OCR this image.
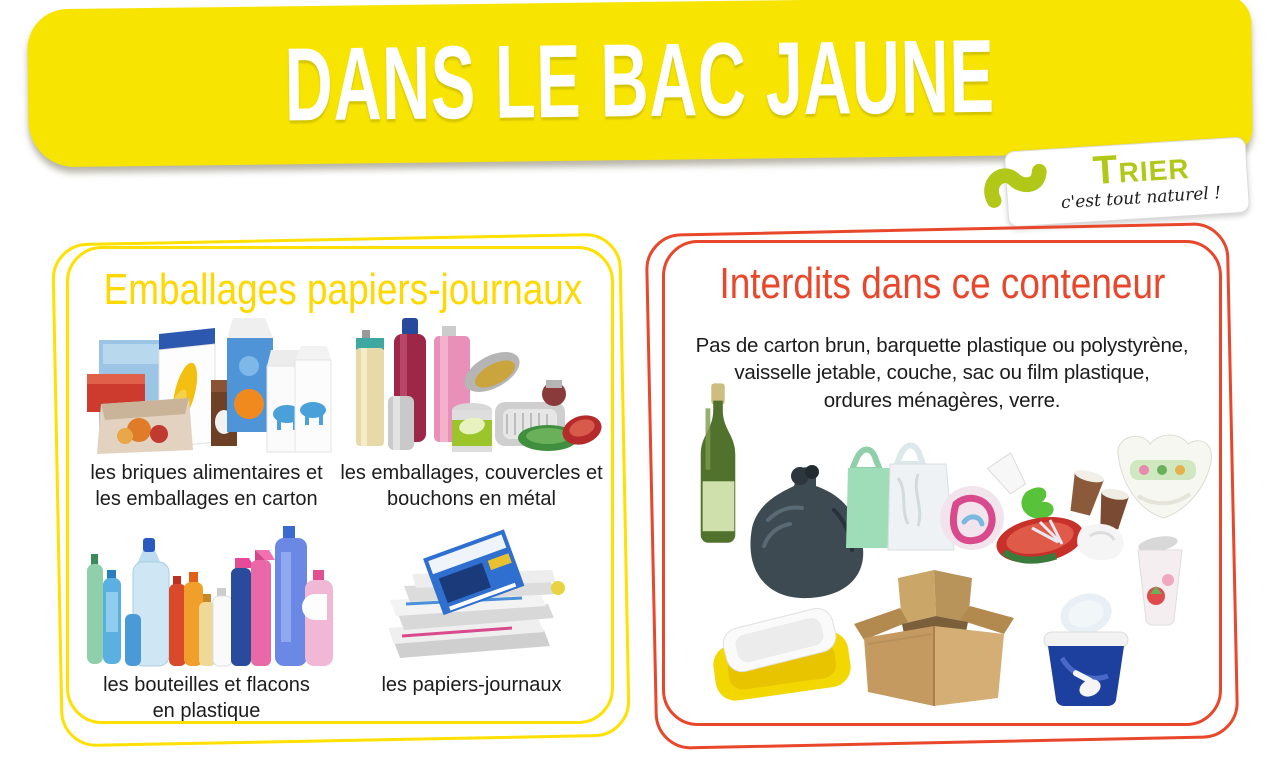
DANS LE BAC JAUNE
TRIER
c'est tout naturel !
Emballages papiers-journaux
les briques alimentaires et
les emballages en carton
les emballages, couvercles et
bouchons en métal
les bouteilles et flacons
en plastique
les papiers-journaux
Interdits dans ce conteneur
Pas de carton brun, barquette plastique ou polystyrène,
vaisselle jetable, couche, sac ou film plastique,
ordures ménagères, verre.
